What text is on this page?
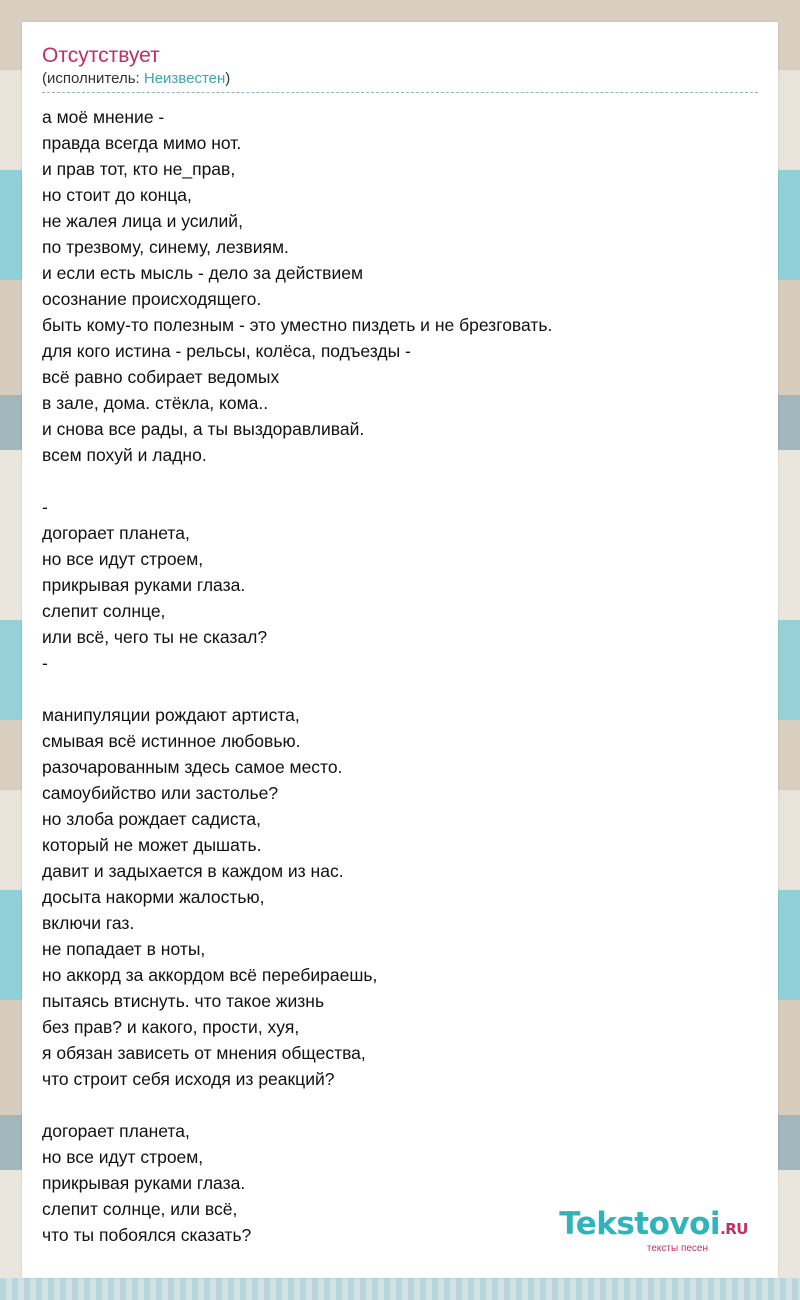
Отсутствует
(исполнитель: Неизвестен)
а моё мнение -
правда всегда мимо нот.
и прав тот, кто не_прав,
но стоит до конца,
не жалея лица и усилий,
по трезвому, синему, лезвиям.
и если есть мысль - дело за действием
осознание происходящего.
быть кому-то полезным - это уместно пиздеть и не брезговать.
для кого истина - рельсы, колёса, подъезды -
всё равно собирает ведомых
в зале, дома. стёкла, кома..
и снова все рады, а ты выздоравливай.
всем похуй и ладно.
-
догорает планета,
но все идут строем,
прикрывая руками глаза.
слепит солнце,
или всё, чего ты не сказал?
-
манипуляции рождают артиста,
смывая всё истинное любовью.
разочарованным здесь самое место.
самоубийство или застолье?
но злоба рождает садиста,
который не может дышать.
давит и задыхается в каждом из нас.
досыта накорми жалостью,
включи газ.
не попадает в ноты,
но аккорд за аккордом всё перебираешь,
пытаясь втиснуть. что такое жизнь
без прав? и какого, прости, хуя,
я обязан зависеть от мнения общества,
что строит себя исходя из реакций?
догорает планета,
но все идут строем,
прикрывая руками глаза.
слепит солнце, или всё,
что ты побоялся сказать?	Tekstovoi.RU
тексты песен
